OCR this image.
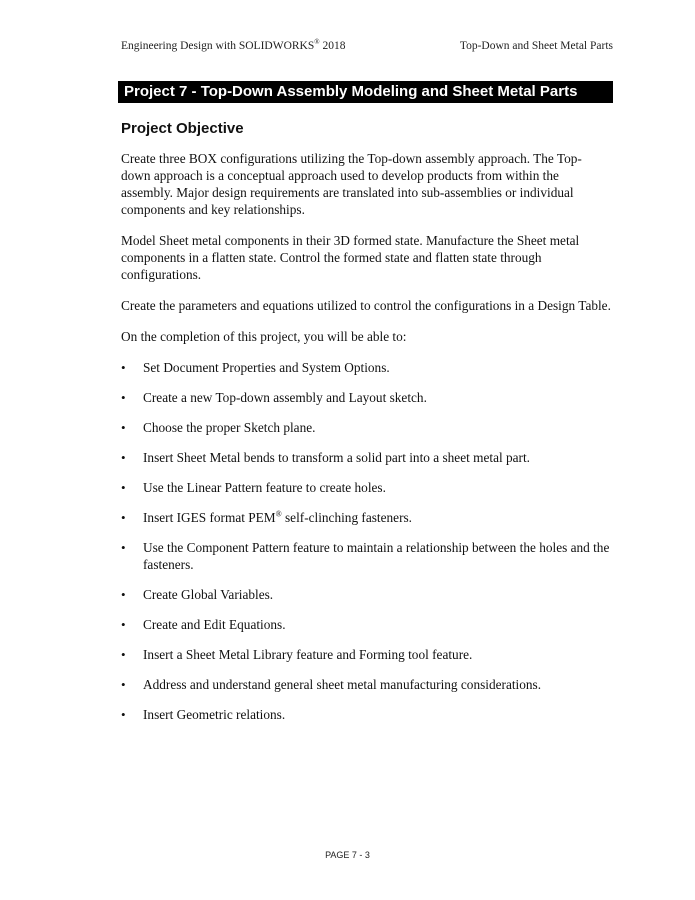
Engineering Design with SOLIDWORKS® 2018	Top-Down and Sheet Metal Parts
Project 7 - Top-Down Assembly Modeling and Sheet Metal Parts
Project Objective

Create three BOX configurations utilizing the Top-down assembly approach. The Top-down approach is a conceptual approach used to develop products from within the assembly. Major design requirements are translated into sub-assemblies or individual components and key relationships.

Model Sheet metal components in their 3D formed state. Manufacture the Sheet metal components in a flatten state. Control the formed state and flatten state through configurations.

Create the parameters and equations utilized to control the configurations in a Design Table.

On the completion of this project, you will be able to:

• Set Document Properties and System Options.
• Create a new Top-down assembly and Layout sketch.
• Choose the proper Sketch plane.
• Insert Sheet Metal bends to transform a solid part into a sheet metal part.
• Use the Linear Pattern feature to create holes.
• Insert IGES format PEM® self-clinching fasteners.
• Use the Component Pattern feature to maintain a relationship between the holes and the fasteners.
• Create Global Variables.
• Create and Edit Equations.
• Insert a Sheet Metal Library feature and Forming tool feature.
• Address and understand general sheet metal manufacturing considerations.
• Insert Geometric relations.
PAGE 7 - 3
